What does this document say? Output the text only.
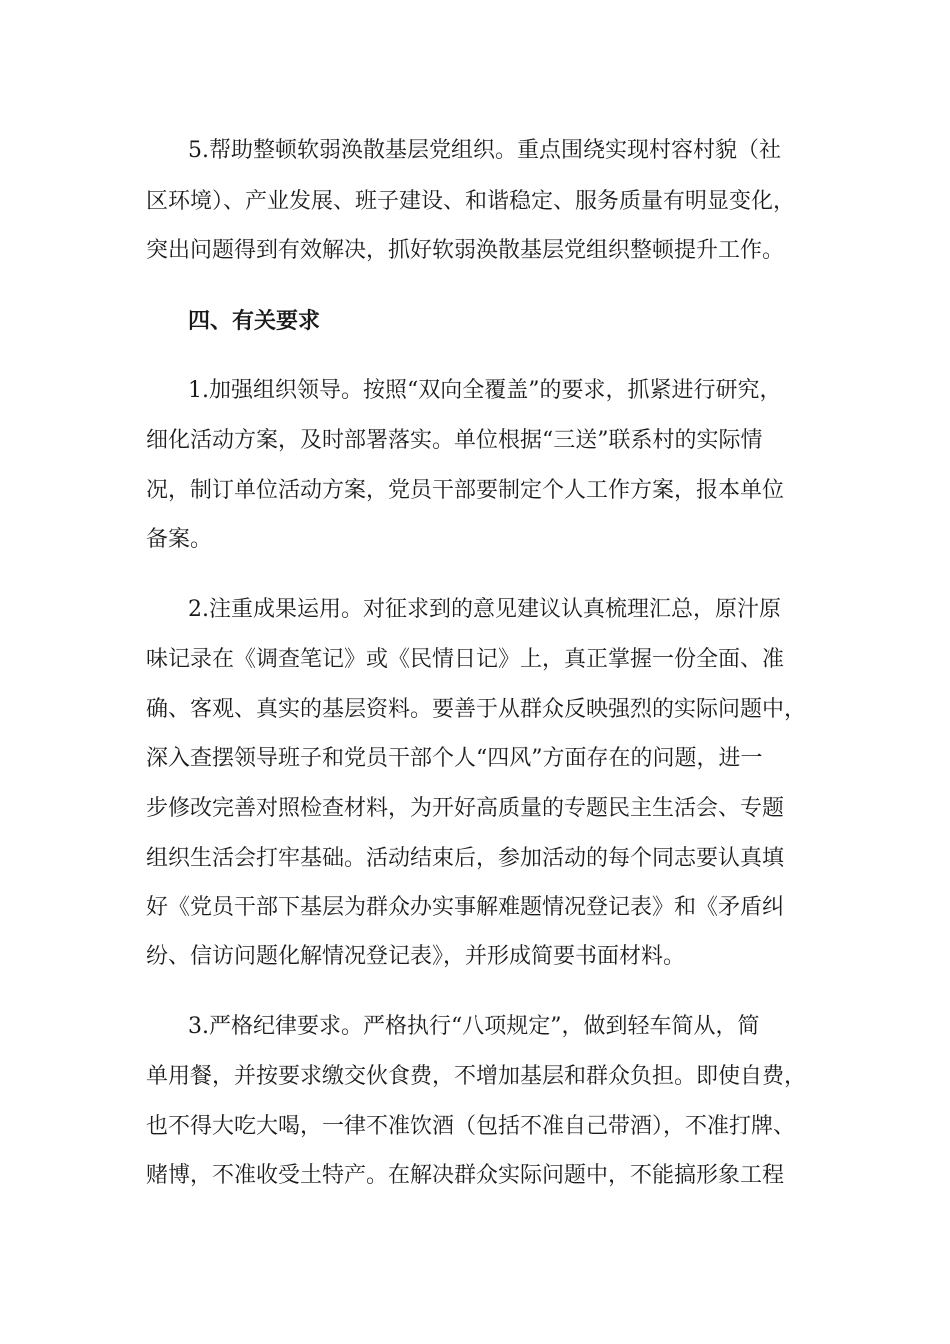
5.帮助整顿软弱涣散基层党组织。重点围绕实现村容村貌（社
区环境）、产业发展、班子建设、和谐稳定、服务质量有明显变化，
突出问题得到有效解决，抓好软弱涣散基层党组织整顿提升工作。
四、有关要求
1.加强组织领导。按照“双向全覆盖”的要求，抓紧进行研究，
细化活动方案，及时部署落实。单位根据“三送”联系村的实际情
况，制订单位活动方案，党员干部要制定个人工作方案，报本单位
备案。
2.注重成果运用。对征求到的意见建议认真梳理汇总，原汁原
味记录在《调查笔记》或《民情日记》上，真正掌握一份全面、准
确、客观、真实的基层资料。要善于从群众反映强烈的实际问题中，
深入查摆领导班子和党员干部个人“四风”方面存在的问题，进一
步修改完善对照检查材料，为开好高质量的专题民主生活会、专题
组织生活会打牢基础。活动结束后，参加活动的每个同志要认真填
好《党员干部下基层为群众办实事解难题情况登记表》和《矛盾纠
纷、信访问题化解情况登记表》，并形成简要书面材料。
3.严格纪律要求。严格执行“八项规定”，做到轻车简从，简
单用餐，并按要求缴交伙食费，不增加基层和群众负担。即使自费，
也不得大吃大喝，一律不准饮酒（包括不准自己带酒），不准打牌、
赌博，不准收受土特产。在解决群众实际问题中，不能搞形象工程
